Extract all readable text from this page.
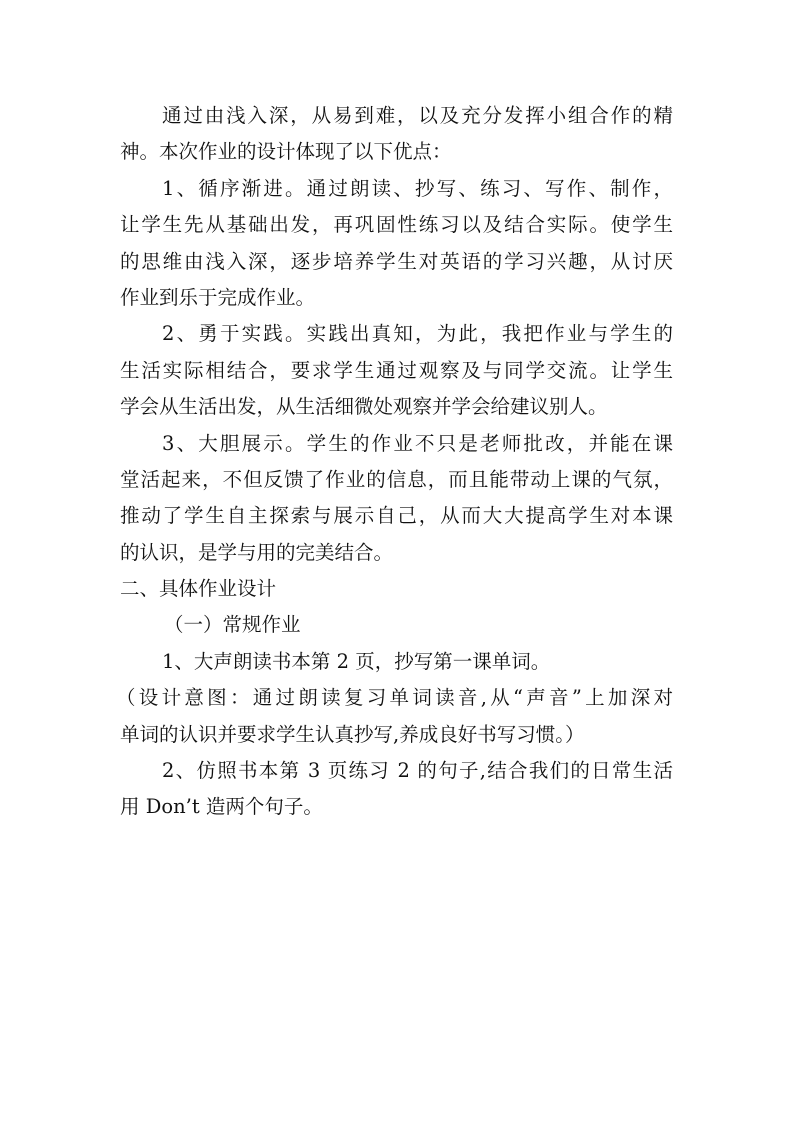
通过由浅入深，从易到难，以及充分发挥小组合作的精
神。本次作业的设计体现了以下优点：
1、循序渐进。通过朗读、抄写、练习、写作、制作，
让学生先从基础出发，再巩固性练习以及结合实际。使学生
的思维由浅入深，逐步培养学生对英语的学习兴趣，从讨厌
作业到乐于完成作业。
2、勇于实践。实践出真知，为此，我把作业与学生的
生活实际相结合，要求学生通过观察及与同学交流。让学生
学会从生活出发，从生活细微处观察并学会给建议别人。
3、大胆展示。学生的作业不只是老师批改，并能在课
堂活起来，不但反馈了作业的信息，而且能带动上课的气氛，
推动了学生自主探索与展示自己，从而大大提高学生对本课
的认识，是学与用的完美结合。
二、具体作业设计
（一）常规作业
1、大声朗读书本第 2 页，抄写第一课单词。
（设计意图：通过朗读复习单词读音,从“声音”上加深对
单词的认识并要求学生认真抄写,养成良好书写习惯。）
2、仿照书本第 3 页练习 2 的句子,结合我们的日常生活
用 Don’t 造两个句子。
